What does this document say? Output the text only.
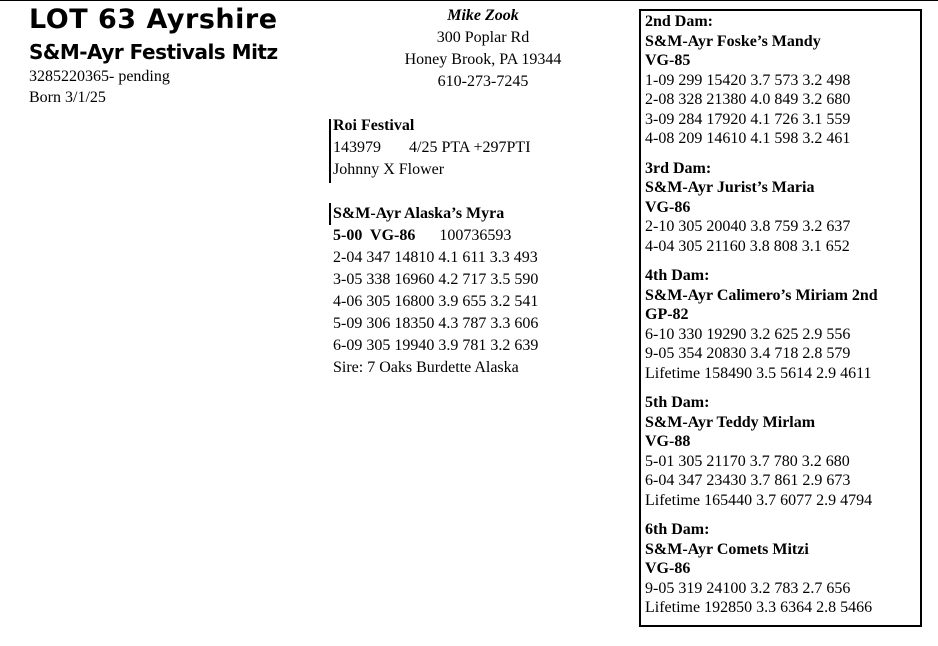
LOT 63 Ayrshire
S&M-Ayr Festivals Mitz
3285220365- pending
Born 3/1/25
Mike Zook
300 Poplar Rd
Honey Brook, PA 19344
610-273-7245
Roi Festival
143979       4/25 PTA +297PTI
Johnny X Flower
S&M-Ayr Alaska’s Myra
5-00  VG-86 100736593
2-04 347 14810 4.1 611 3.3 493
3-05 338 16960 4.2 717 3.5 590
4-06 305 16800 3.9 655 3.2 541
5-09 306 18350 4.3 787 3.3 606
6-09 305 19940 3.9 781 3.2 639
Sire: 7 Oaks Burdette Alaska
2nd Dam:
S&M-Ayr Foske’s Mandy
VG-85
1-09 299 15420 3.7 573 3.2 498
2-08 328 21380 4.0 849 3.2 680
3-09 284 17920 4.1 726 3.1 559
4-08 209 14610 4.1 598 3.2 461
3rd Dam:
S&M-Ayr Jurist’s Maria
VG-86
2-10 305 20040 3.8 759 3.2 637
4-04 305 21160 3.8 808 3.1 652
4th Dam:
S&M-Ayr Calimero’s Miriam 2nd
GP-82
6-10 330 19290 3.2 625 2.9 556
9-05 354 20830 3.4 718 2.8 579
Lifetime 158490 3.5 5614 2.9 4611
5th Dam:
S&M-Ayr Teddy Mirlam
VG-88
5-01 305 21170 3.7 780 3.2 680
6-04 347 23430 3.7 861 2.9 673
Lifetime 165440 3.7 6077 2.9 4794
6th Dam:
S&M-Ayr Comets Mitzi
VG-86
9-05 319 24100 3.2 783 2.7 656
Lifetime 192850 3.3 6364 2.8 5466
